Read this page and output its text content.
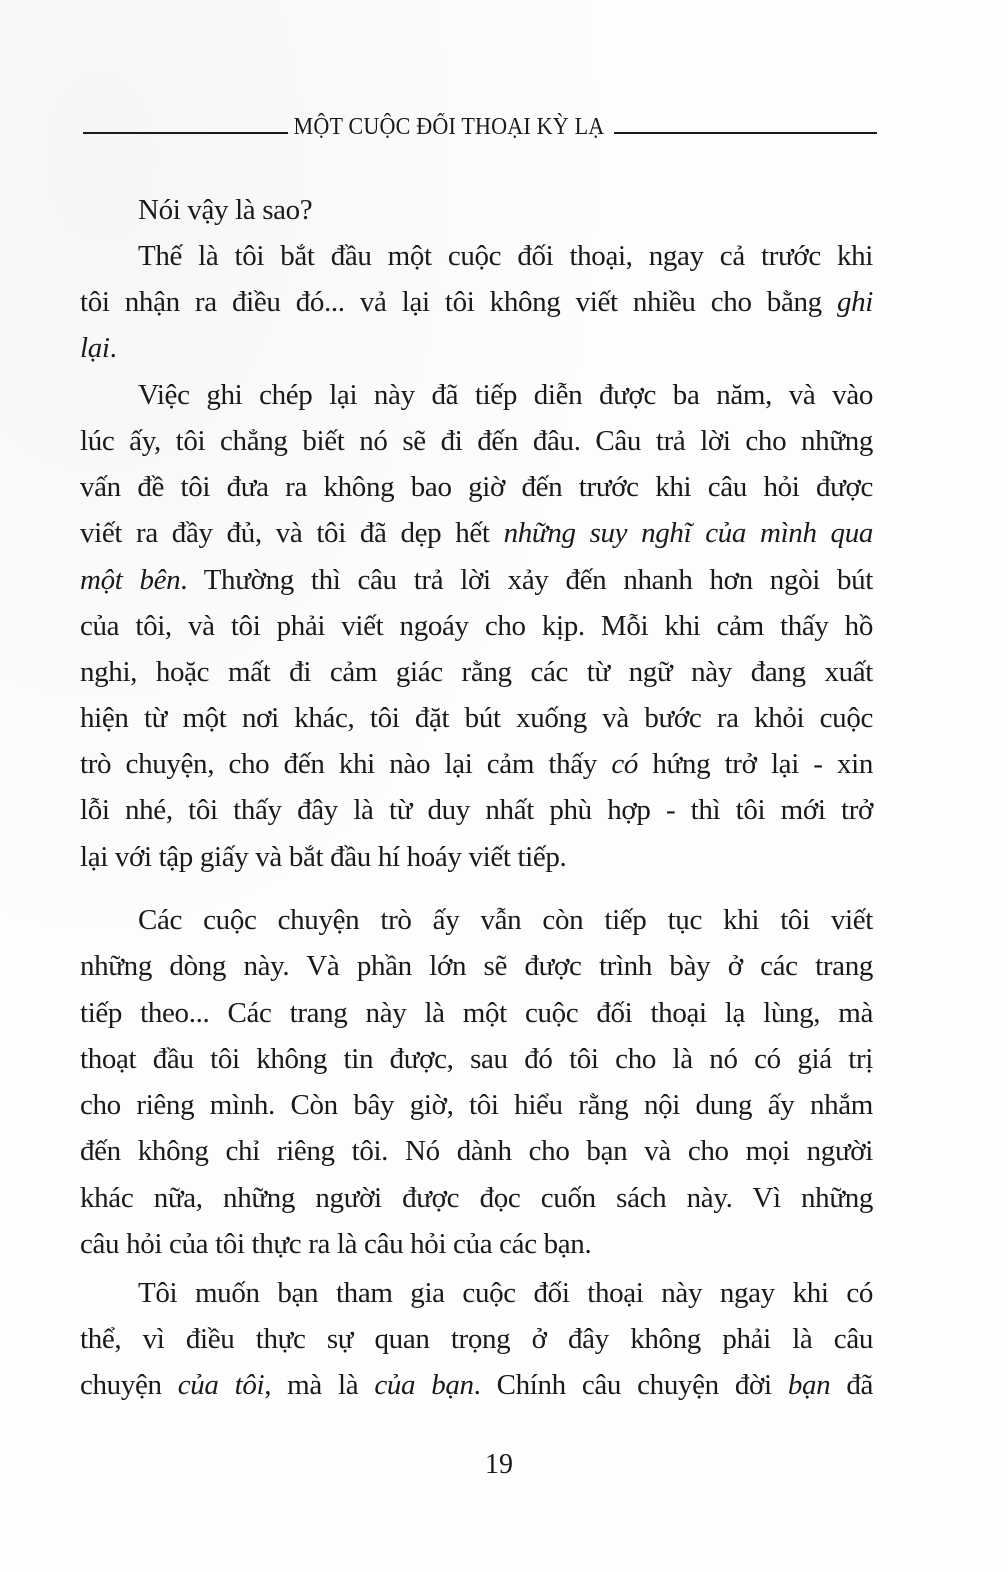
MỘT CUỘC ĐỐI THOẠI KỲ LẠ
Nói vậy là sao?
Thế là tôi bắt đầu một cuộc đối thoại, ngay cả trước khi
tôi nhận ra điều đó... vả lại tôi không viết nhiều cho bằng ghi
lại.
Việc ghi chép lại này đã tiếp diễn được ba năm, và vào
lúc ấy, tôi chẳng biết nó sẽ đi đến đâu. Câu trả lời cho những
vấn đề tôi đưa ra không bao giờ đến trước khi câu hỏi được
viết ra đầy đủ, và tôi đã dẹp hết những suy nghĩ của mình qua
một bên. Thường thì câu trả lời xảy đến nhanh hơn ngòi bút
của tôi, và tôi phải viết ngoáy cho kịp. Mỗi khi cảm thấy hồ
nghi, hoặc mất đi cảm giác rằng các từ ngữ này đang xuất
hiện từ một nơi khác, tôi đặt bút xuống và bước ra khỏi cuộc
trò chuyện, cho đến khi nào lại cảm thấy có hứng trở lại - xin
lỗi nhé, tôi thấy đây là từ duy nhất phù hợp - thì tôi mới trở
lại với tập giấy và bắt đầu hí hoáy viết tiếp.
Các cuộc chuyện trò ấy vẫn còn tiếp tục khi tôi viết
những dòng này. Và phần lớn sẽ được trình bày ở các trang
tiếp theo... Các trang này là một cuộc đối thoại lạ lùng, mà
thoạt đầu tôi không tin được, sau đó tôi cho là nó có giá trị
cho riêng mình. Còn bây giờ, tôi hiểu rằng nội dung ấy nhắm
đến không chỉ riêng tôi. Nó dành cho bạn và cho mọi người
khác nữa, những người được đọc cuốn sách này. Vì những
câu hỏi của tôi thực ra là câu hỏi của các bạn.
Tôi muốn bạn tham gia cuộc đối thoại này ngay khi có
thể, vì điều thực sự quan trọng ở đây không phải là câu
chuyện của tôi, mà là của bạn. Chính câu chuyện đời bạn đã
19
